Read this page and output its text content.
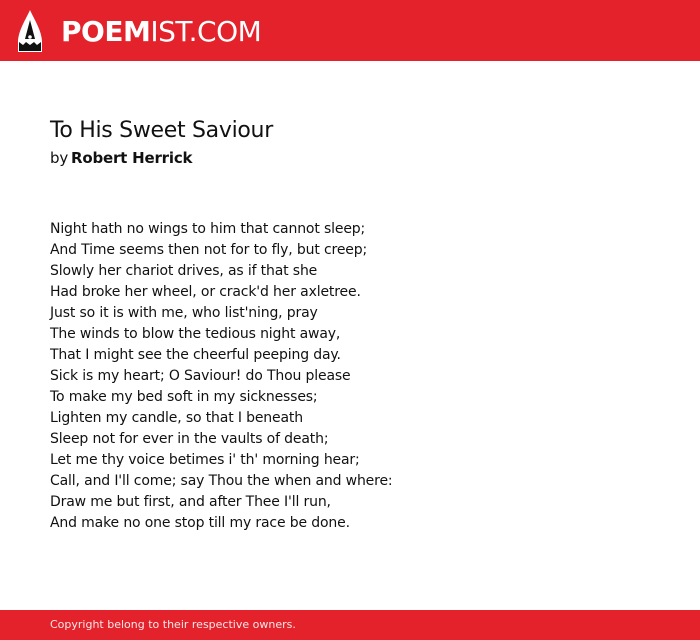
POEMIST.COM
To His Sweet Saviour
by Robert Herrick
Night hath no wings to him that cannot sleep;
And Time seems then not for to fly, but creep;
Slowly her chariot drives, as if that she
Had broke her wheel, or crack'd her axletree.
Just so it is with me, who list'ning, pray
The winds to blow the tedious night away,
That I might see the cheerful peeping day.
Sick is my heart; O Saviour! do Thou please
To make my bed soft in my sicknesses;
Lighten my candle, so that I beneath
Sleep not for ever in the vaults of death;
Let me thy voice betimes i' th' morning hear;
Call, and I'll come; say Thou the when and where:
Draw me but first, and after Thee I'll run,
And make no one stop till my race be done.
Copyright belong to their respective owners.
